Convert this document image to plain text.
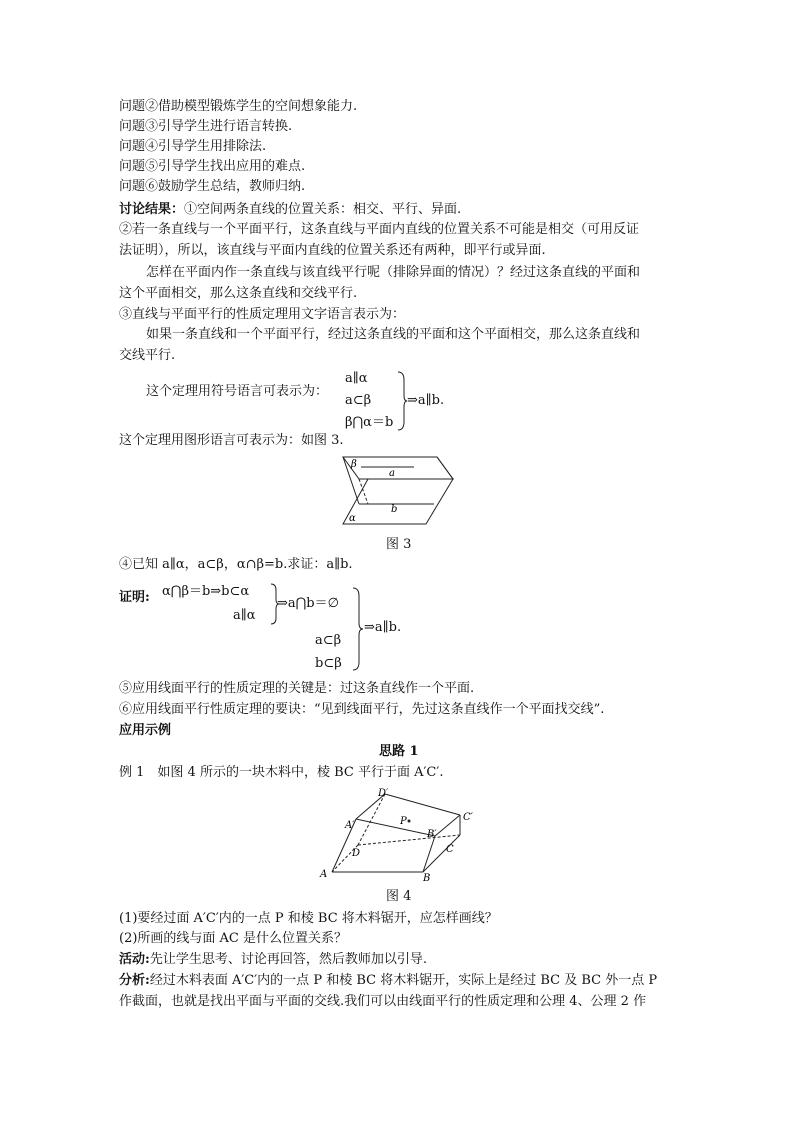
问题②借助模型锻炼学生的空间想象能力.
问题③引导学生进行语言转换.
问题④引导学生用排除法.
问题⑤引导学生找出应用的难点.
问题⑥鼓励学生总结，教师归纳.
讨论结果：①空间两条直线的位置关系：相交、平行、异面.
②若一条直线与一个平面平行，这条直线与平面内直线的位置关系不可能是相交（可用反证
法证明），所以，该直线与平面内直线的位置关系还有两种，即平行或异面.
怎样在平面内作一条直线与该直线平行呢（排除异面的情况）？经过这条直线的平面和
这个平面相交，那么这条直线和交线平行.
③直线与平面平行的性质定理用文字语言表示为：
如果一条直线和一个平面平行，经过这条直线的平面和这个平面相交，那么这条直线和
交线平行.
这个定理用符号语言可表示为：
a∥α
a⊂β
β⋂α＝b
⇒a∥b.
这个定理用图形语言可表示为：如图 3.
β
a
b
α
图 3
④已知 a∥α，a⊂β，α∩β=b.求证：a∥b.
证明: α⋂β＝b⇒b⊂α
a∥α
⇒a⋂b＝∅
a⊂β
b⊂β
⇒a∥b.
⑤应用线面平行的性质定理的关键是：过这条直线作一个平面.
⑥应用线面平行性质定理的要诀：“见到线面平行，先过这条直线作一个平面找交线”.
应用示例
思路 1
例 1　如图 4 所示的一块木料中，棱 BC 平行于面 A′C′.
P
D′
C′
A′
B′
D	C
A	B
图 4
(1)要经过面 A′C′内的一点 P 和棱 BC 将木料锯开，应怎样画线？
(2)所画的线与面 AC 是什么位置关系？
活动:先让学生思考、讨论再回答，然后教师加以引导.
分析:经过木料表面 A′C′内的一点 P 和棱 BC 将木料锯开，实际上是经过 BC 及 BC 外一点 P
作截面，也就是找出平面与平面的交线.我们可以由线面平行的性质定理和公理 4、公理 2 作
